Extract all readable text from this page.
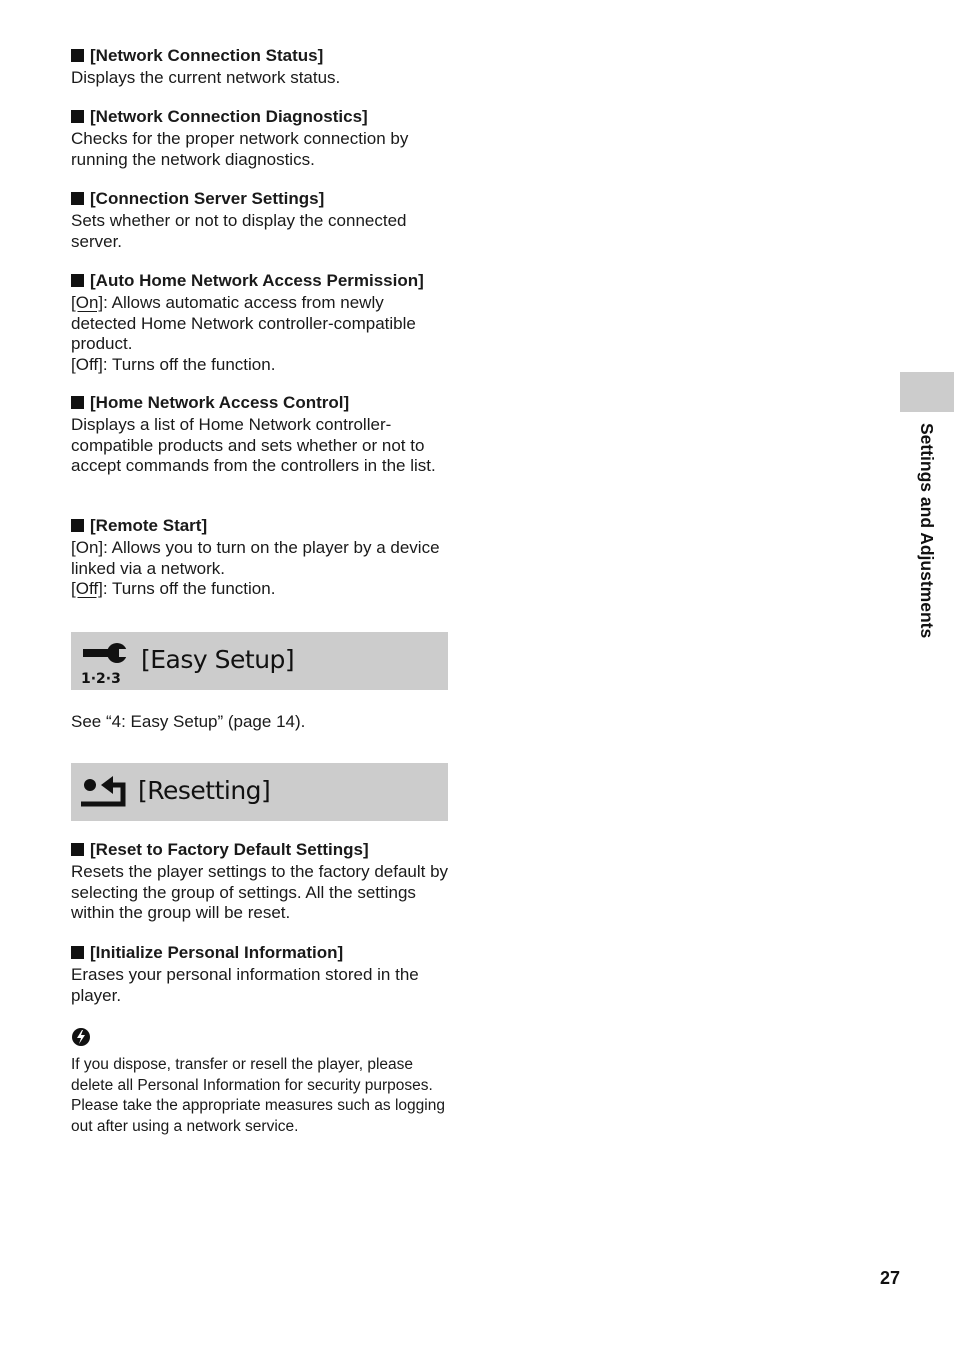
[Network Connection Status]
Displays the current network status.
[Network Connection Diagnostics]
Checks for the proper network connection by running the network diagnostics.
[Connection Server Settings]
Sets whether or not to display the connected server.
[Auto Home Network Access Permission]
[On]: Allows automatic access from newly detected Home Network controller-compatible product.
[Off]: Turns off the function.
[Home Network Access Control]
Displays a list of Home Network controller-compatible products and sets whether or not to accept commands from the controllers in the list.
[Remote Start]
[On]: Allows you to turn on the player by a device linked via a network.
[Off]: Turns off the function.
1·2·3
[Easy Setup]
See “4: Easy Setup” (page 14).
[Resetting]
[Reset to Factory Default Settings]
Resets the player settings to the factory default by selecting the group of settings. All the settings within the group will be reset.
[Initialize Personal Information]
Erases your personal information stored in the player.
If you dispose, transfer or resell the player, please delete all Personal Information for security purposes. Please take the appropriate measures such as logging out after using a network service.
Settings and Adjustments
27
